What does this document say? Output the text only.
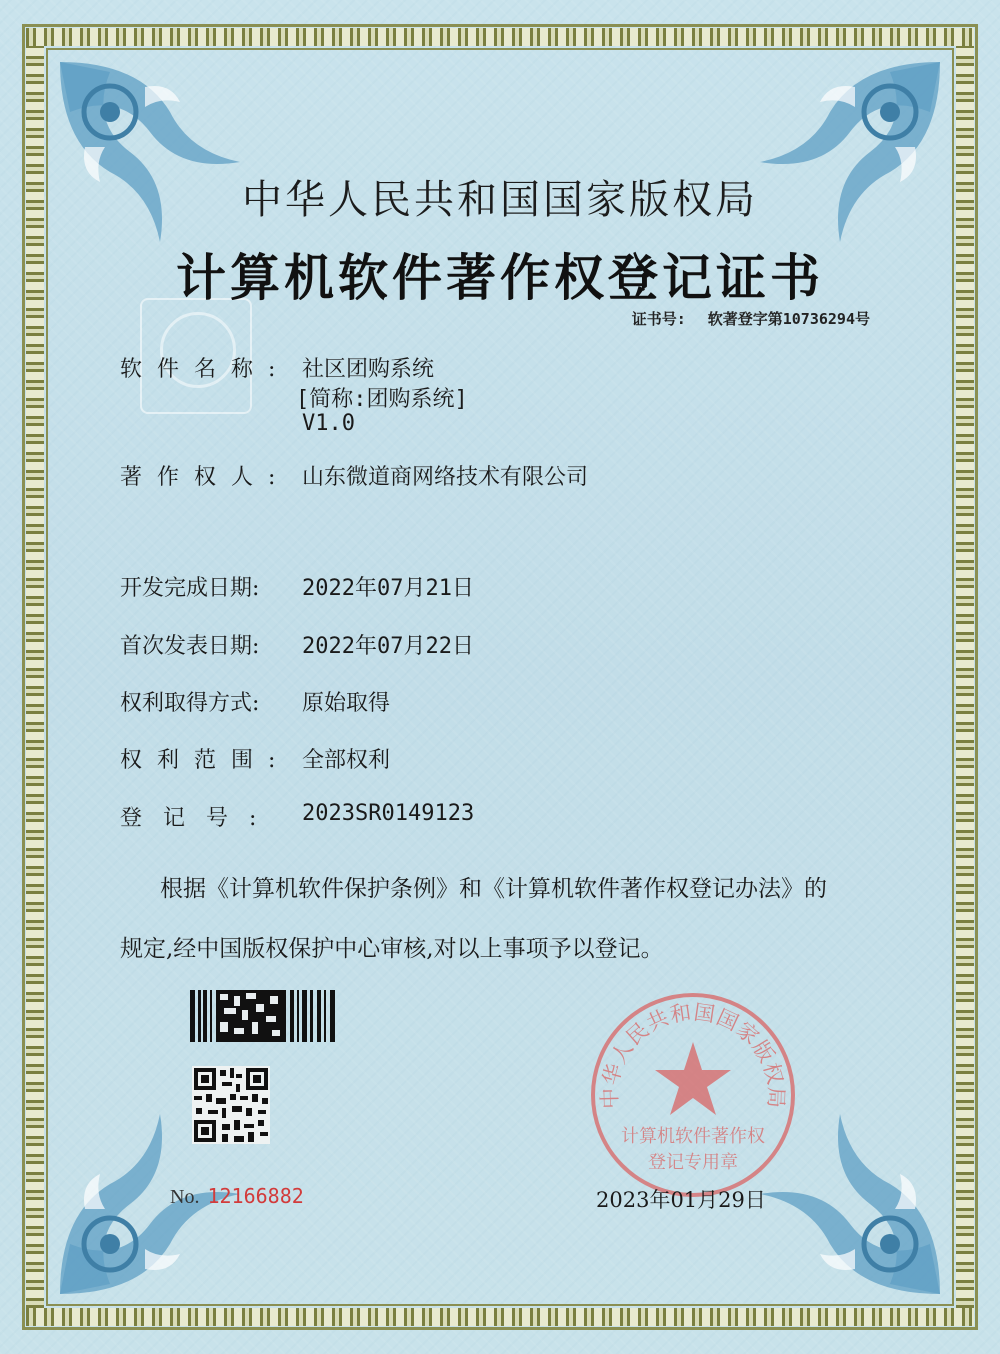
中华人民共和国国家版权局
计算机软件著作权登记证书
证书号: 软著登字第10736294号
软件名称: 社区团购系统
[简称:团购系统]
V1.0
著作权人: 山东微道商网络技术有限公司
开发完成日期:	2022年07月21日
首次发表日期:	2022年07月22日
权利取得方式:	原始取得
权利范围: 全部权利
登记号:	2023SR0149123
根据《计算机软件保护条例》和《计算机软件著作权登记办法》的
规定,经中国版权保护中心审核,对以上事项予以登记。
No. 12166882
中华人民共和国国家版权局
计算机软件著作权
登记专用章
2023年01月29日
